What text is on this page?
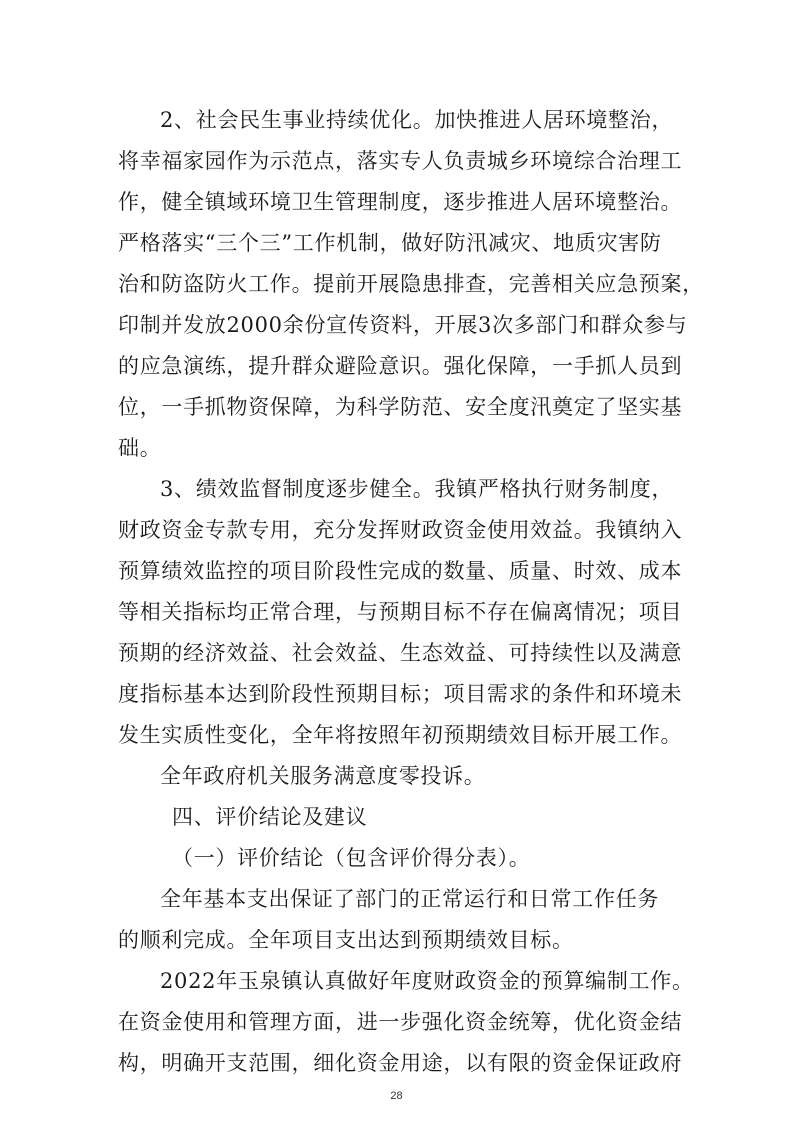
2、社会民生事业持续优化。加快推进人居环境整治，
将幸福家园作为示范点，落实专人负责城乡环境综合治理工
作，健全镇域环境卫生管理制度，逐步推进人居环境整治。
严格落实“三个三”工作机制，做好防汛减灾、地质灾害防
治和防盗防火工作。提前开展隐患排查，完善相关应急预案，
印制并发放2000余份宣传资料，开展3次多部门和群众参与
的应急演练，提升群众避险意识。强化保障，一手抓人员到
位，一手抓物资保障，为科学防范、安全度汛奠定了坚实基
础。
3、绩效监督制度逐步健全。我镇严格执行财务制度，
财政资金专款专用，充分发挥财政资金使用效益。我镇纳入
预算绩效监控的项目阶段性完成的数量、质量、时效、成本
等相关指标均正常合理，与预期目标不存在偏离情况；项目
预期的经济效益、社会效益、生态效益、可持续性以及满意
度指标基本达到阶段性预期目标；项目需求的条件和环境未
发生实质性变化，全年将按照年初预期绩效目标开展工作。
全年政府机关服务满意度零投诉。
四、评价结论及建议
（一）评价结论（包含评价得分表）。
全年基本支出保证了部门的正常运行和日常工作任务
的顺利完成。全年项目支出达到预期绩效目标。
2022年玉泉镇认真做好年度财政资金的预算编制工作。
在资金使用和管理方面，进一步强化资金统筹，优化资金结
构，明确开支范围，细化资金用途，以有限的资金保证政府
28
